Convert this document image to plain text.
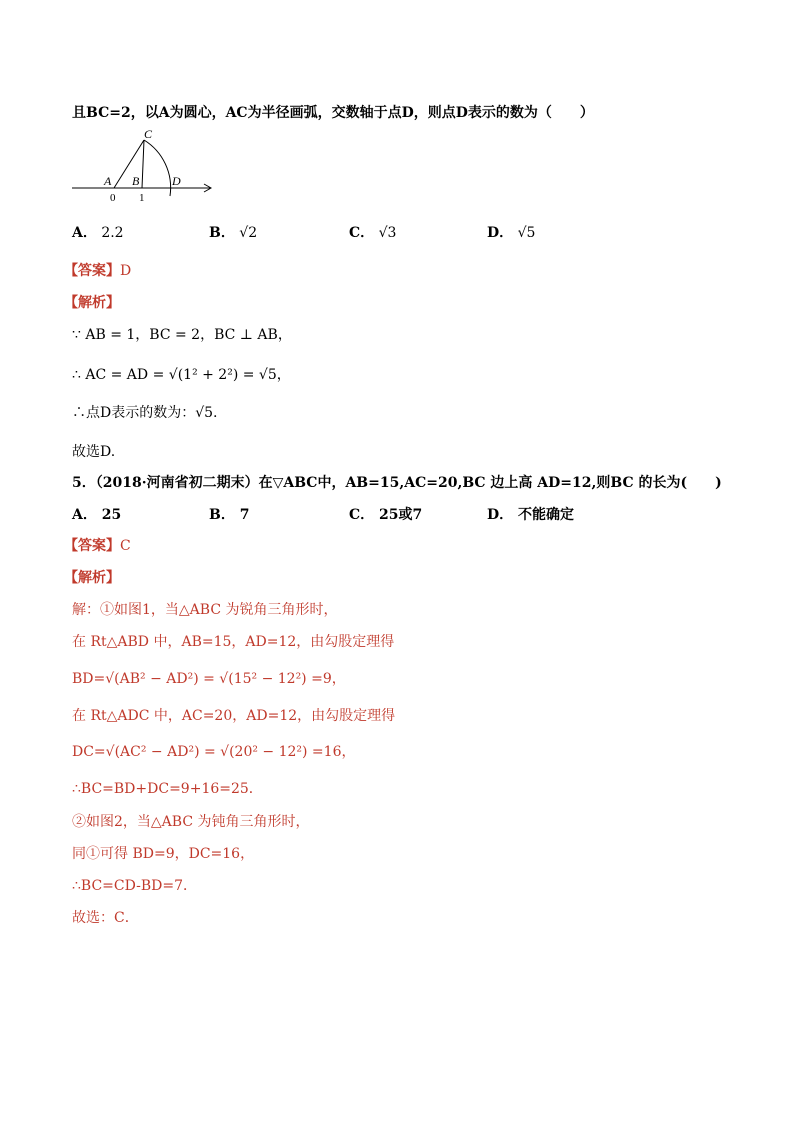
且BC=2，以A为圆心，AC为半径画弧，交数轴于点D，则点D表示的数为（　　）
C
A B	D
0 1
A． 2.2	B． √2	C． √3	D． √5
【答案】D
【解析】
∵ AB = 1，BC = 2，BC ⊥ AB，
∴ AC = AD = √(1² + 2²) = √5，
∴点D表示的数为：√5.
故选D.
5．（2018·河南省初二期末）在▽ABC中，AB=15,AC=20,BC 边上高 AD=12,则BC 的长为(　　)
A． 25	B． 7	C． 25或7	D． 不能确定
【答案】C
【解析】
解：①如图1，当△ABC 为锐角三角形时，
在 Rt△ABD 中，AB=15，AD=12，由勾股定理得
BD=√(AB² − AD²) = √(15² − 12²) =9，
在 Rt△ADC 中，AC=20，AD=12，由勾股定理得
DC=√(AC² − AD²) = √(20² − 12²) =16，
∴BC=BD+DC=9+16=25．
②如图2，当△ABC 为钝角三角形时，
同①可得 BD=9，DC=16，
∴BC=CD-BD=7．
故选：C．
